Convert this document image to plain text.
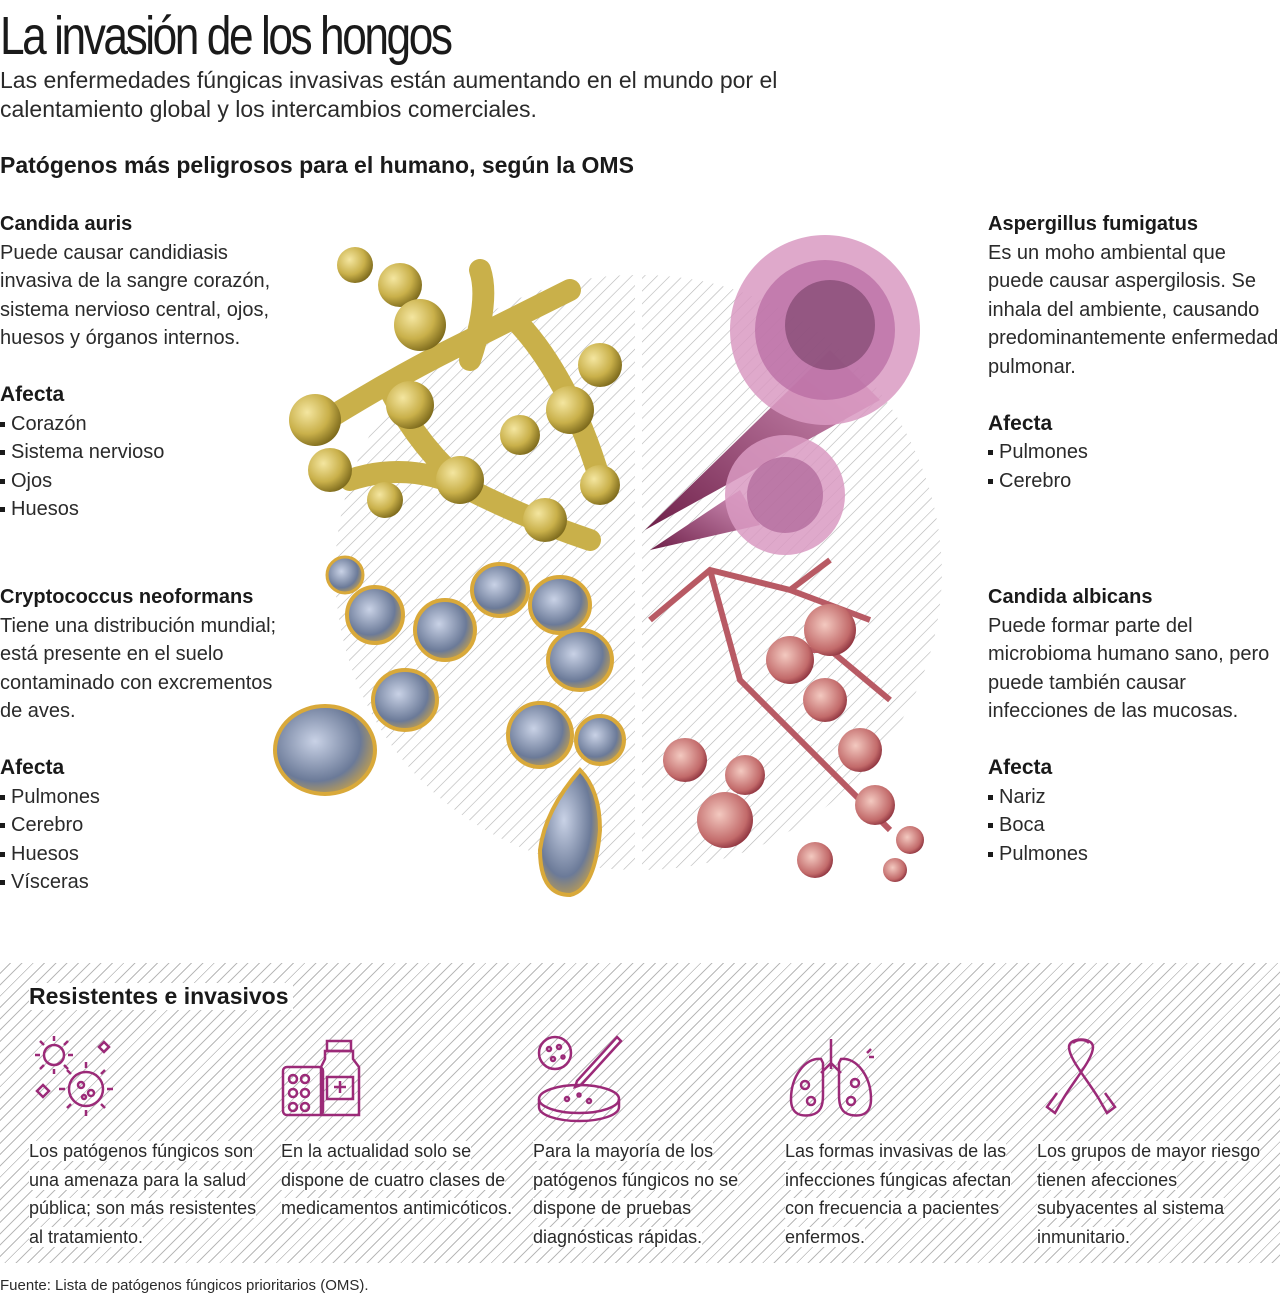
La invasión de los hongos
Las enfermedades fúngicas invasivas están aumentando en el mundo por el calentamiento global y los intercambios comerciales.
Patógenos más peligrosos para el humano, según la OMS
Candida auris

Puede causar candidiasis invasiva de la sangre corazón, sistema nervioso central, ojos, huesos y órganos internos.

Afecta
Corazón
Sistema nervioso
Ojos
Huesos
Aspergillus fumigatus

Es un moho ambiental que puede causar aspergilosis. Se inhala del ambiente, causando predominantemente enfermedad pulmonar.

Afecta
Pulmones
Cerebro
Cryptococcus neoformans

Tiene una distribución mundial; está presente en el suelo contaminado con excrementos de aves.

Afecta
Pulmones
Cerebro
Huesos
Vísceras
Candida albicans

Puede formar parte del microbioma humano sano, pero puede también causar infecciones de las mucosas.

Afecta
Nariz
Boca
Pulmones
Resistentes e invasivos
Los patógenos fúngicos son una amenaza para la salud pública; son más resistentes al tratamiento.
En la actualidad solo se dispone de cuatro clases de medicamentos antimicóticos.
Para la mayoría de los patógenos fúngicos no se dispone de pruebas diagnósticas rápidas.
Las formas invasivas de las infecciones fúngicas afectan con frecuencia a pacientes enfermos.
Los grupos de mayor riesgo tienen afecciones subyacentes al sistema inmunitario.
Fuente: Lista de patógenos fúngicos prioritarios (OMS).
